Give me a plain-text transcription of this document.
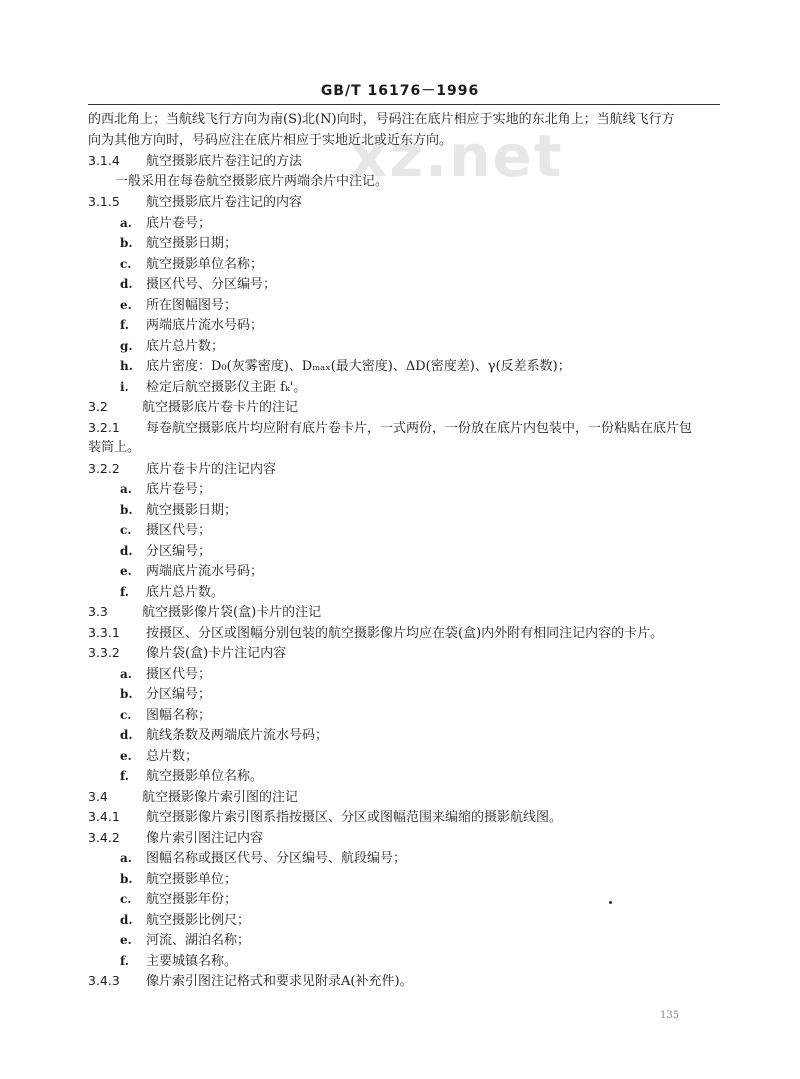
GB/T 16176－1996
xz.net
的西北角上；当航线飞行方向为南(S)北(N)向时，号码注在底片相应于实地的东北角上；当航线飞行方
向为其他方向时，号码应注在底片相应于实地近北或近东方向。
3.1.4 航空摄影底片卷注记的方法
一般采用在每卷航空摄影底片两端余片中注记。
3.1.5 航空摄影底片卷注记的内容
a. 底片卷号；
b. 航空摄影日期；
c. 航空摄影单位名称；
d. 摄区代号、分区编号；
e. 所在图幅图号；
f. 两端底片流水号码；
g. 底片总片数；
h. 底片密度：D₀(灰雾密度)、Dₘₐₓ(最大密度)、ΔD(密度差)、γ(反差系数)；
i. 检定后航空摄影仪主距 fₖ'。
3.2	航空摄影底片卷卡片的注记
3.2.1 每卷航空摄影底片均应附有底片卷卡片，一式两份，一份放在底片内包装中，一份粘贴在底片包
装筒上。
3.2.2 底片卷卡片的注记内容
a. 底片卷号；
b. 航空摄影日期；
c. 摄区代号；
d. 分区编号；
e. 两端底片流水号码；
f. 底片总片数。
3.3	航空摄影像片袋(盒)卡片的注记
3.3.1 按摄区、分区或图幅分别包装的航空摄影像片均应在袋(盒)内外附有相同注记内容的卡片。
3.3.2 像片袋(盒)卡片注记内容
a. 摄区代号；
b. 分区编号；
c. 图幅名称；
d. 航线条数及两端底片流水号码；
e. 总片数；
f. 航空摄影单位名称。
3.4	航空摄影像片索引图的注记
3.4.1 航空摄影像片索引图系指按摄区、分区或图幅范围来编缩的摄影航线图。
3.4.2 像片索引图注记内容
a. 图幅名称或摄区代号、分区编号、航段编号；
b. 航空摄影单位；
c. 航空摄影年份；
d. 航空摄影比例尺；
e. 河流、湖泊名称；
f. 主要城镇名称。
3.4.3 像片索引图注记格式和要求见附录A(补充件)。
135
